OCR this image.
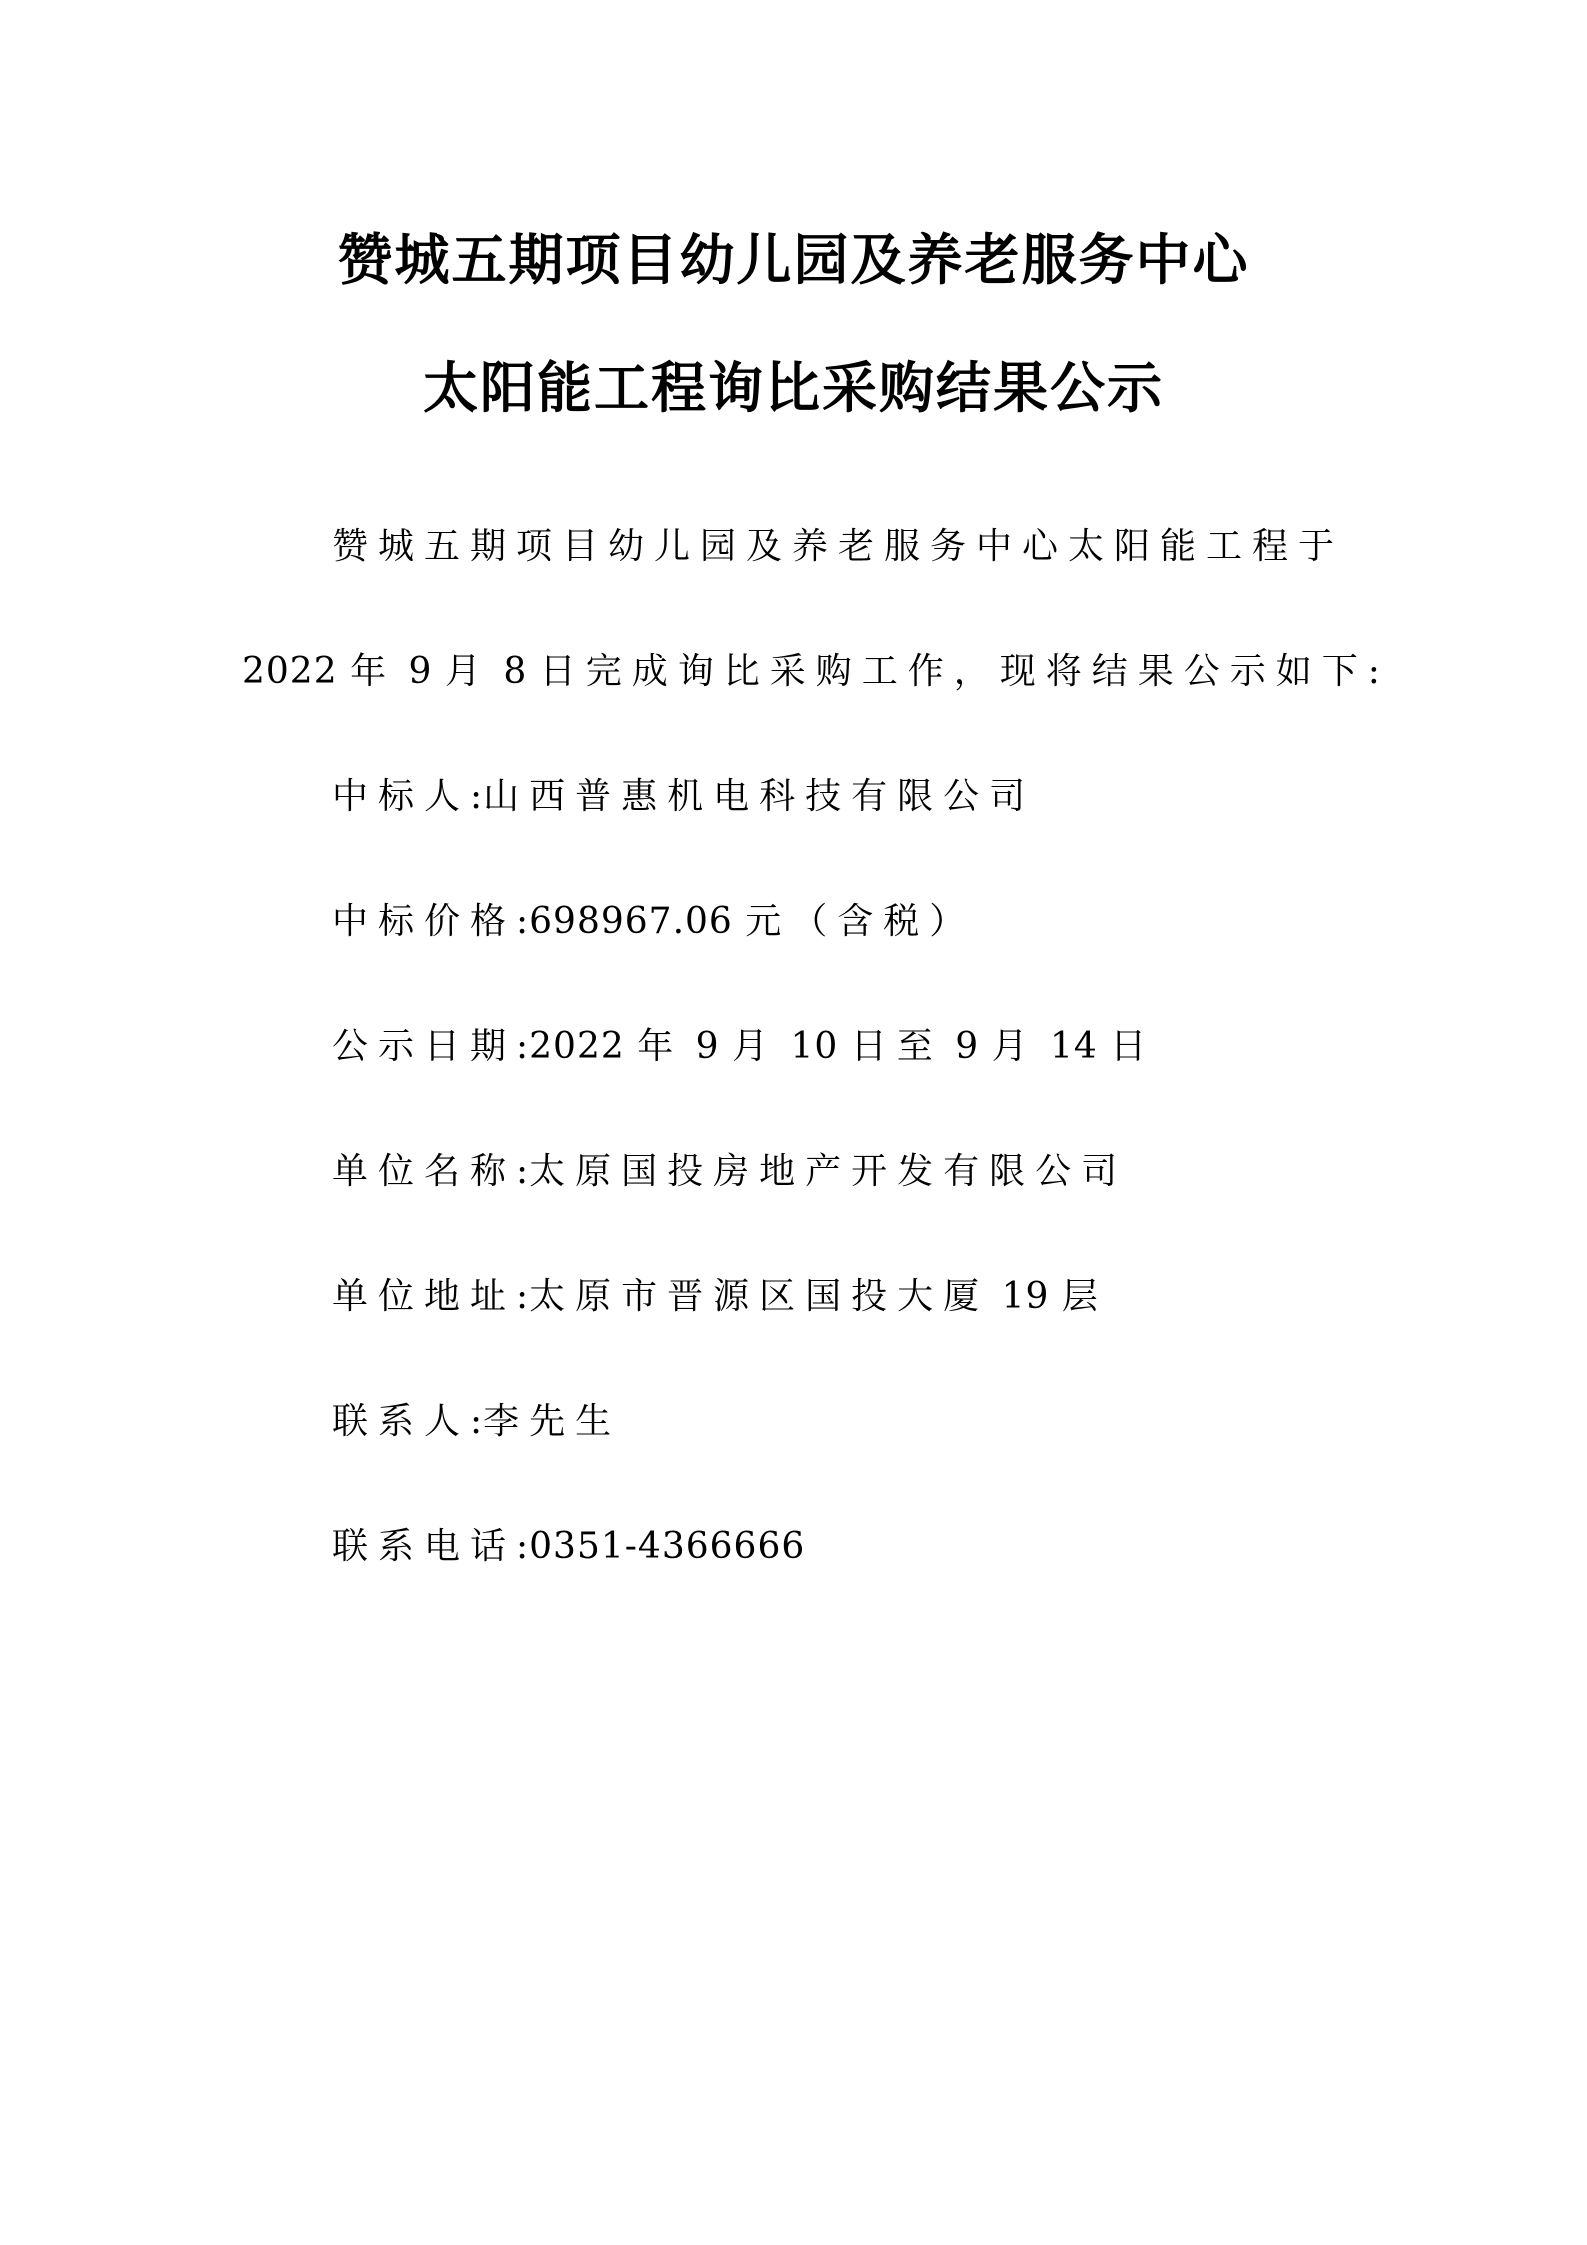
赞城五期项目幼儿园及养老服务中心
太阳能工程询比采购结果公示
赞城五期项目幼儿园及养老服务中心太阳能工程于
2022 年 9 月 8 日完成询比采购工作，现将结果公示如下:
中标人:山西普惠机电科技有限公司
中标价格:698967.06 元（含税）
公示日期:2022 年 9 月 10 日至 9 月 14 日
单位名称:太原国投房地产开发有限公司
单位地址:太原市晋源区国投大厦 19 层
联系人:李先生
联系电话:0351-4366666
